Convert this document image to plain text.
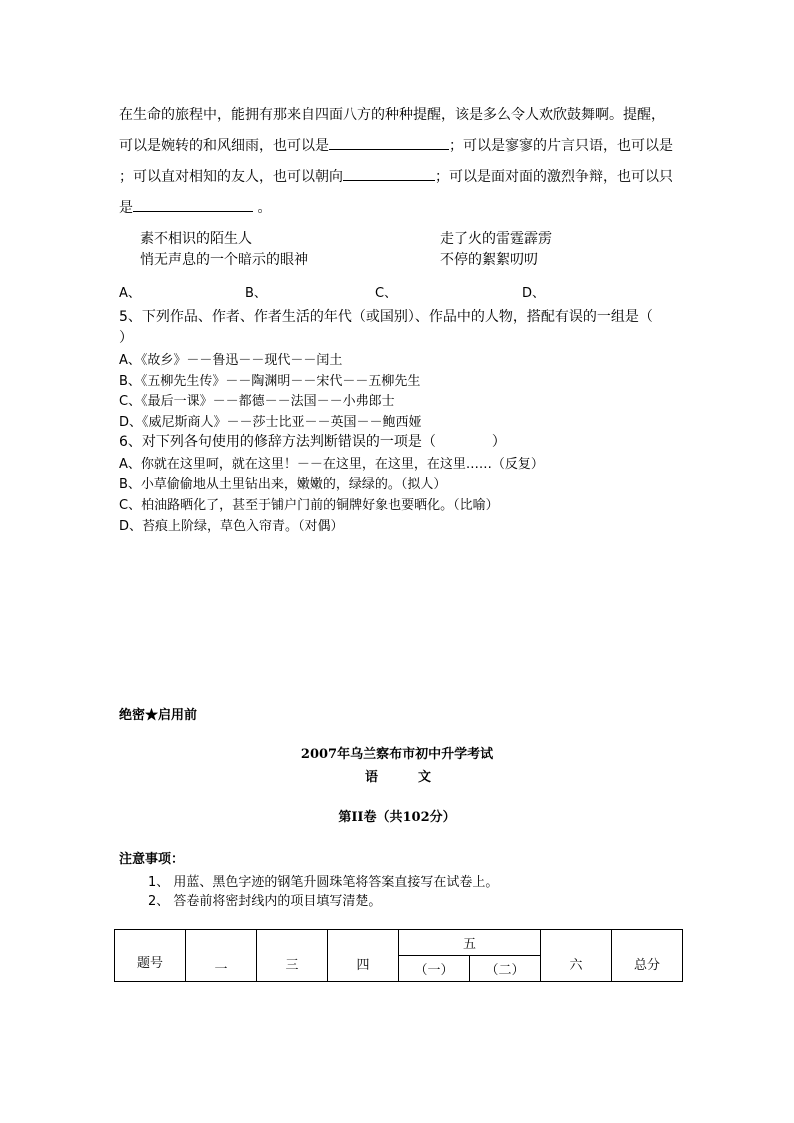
在生命的旅程中，能拥有那来自四面八方的种种提醒，该是多么令人欢欣鼓舞啊。提醒，
可以是婉转的和风细雨，也可以是	；可以是寥寥的片言只语，也可以是
；可以直对相知的友人，也可以朝向	；可以是面对面的激烈争辩，也可以只
是	。
素不相识的陌生人	走了火的雷霆霹雳
悄无声息的一个暗示的眼神	不停的絮絮叨叨
A、	B、	C、	D、
5、下列作品、作者、作者生活的年代（或国别）、作品中的人物，搭配有误的一组是（
）
A、《故乡》－－鲁迅－－现代－－闰土
B、《五柳先生传》－－陶渊明－－宋代－－五柳先生
C、《最后一课》－－都德－－法国－－小弗郎士
D、《威尼斯商人》－－莎士比亚－－英国－－鲍西娅
6、对下列各句使用的修辞方法判断错误的一项是（　　　　）
A、你就在这里呵，就在这里！－－在这里，在这里，在这里……（反复）
B、小草偷偷地从土里钻出来，嫩嫩的，绿绿的。（拟人）
C、柏油路晒化了，甚至于铺户门前的铜牌好象也要晒化。（比喻）
D、苔痕上阶绿，草色入帘青。（对偶）
绝密★启用前
2007年乌兰察布市初中升学考试
语	文
第II卷（共102分）
注意事项：
1、 用蓝、黑色字迹的钢笔升圆珠笔将答案直接写在试卷上。
2、 答卷前将密封线内的项目填写清楚。
题号	一	三	四	五		六	总分
				（一）	（二）		
